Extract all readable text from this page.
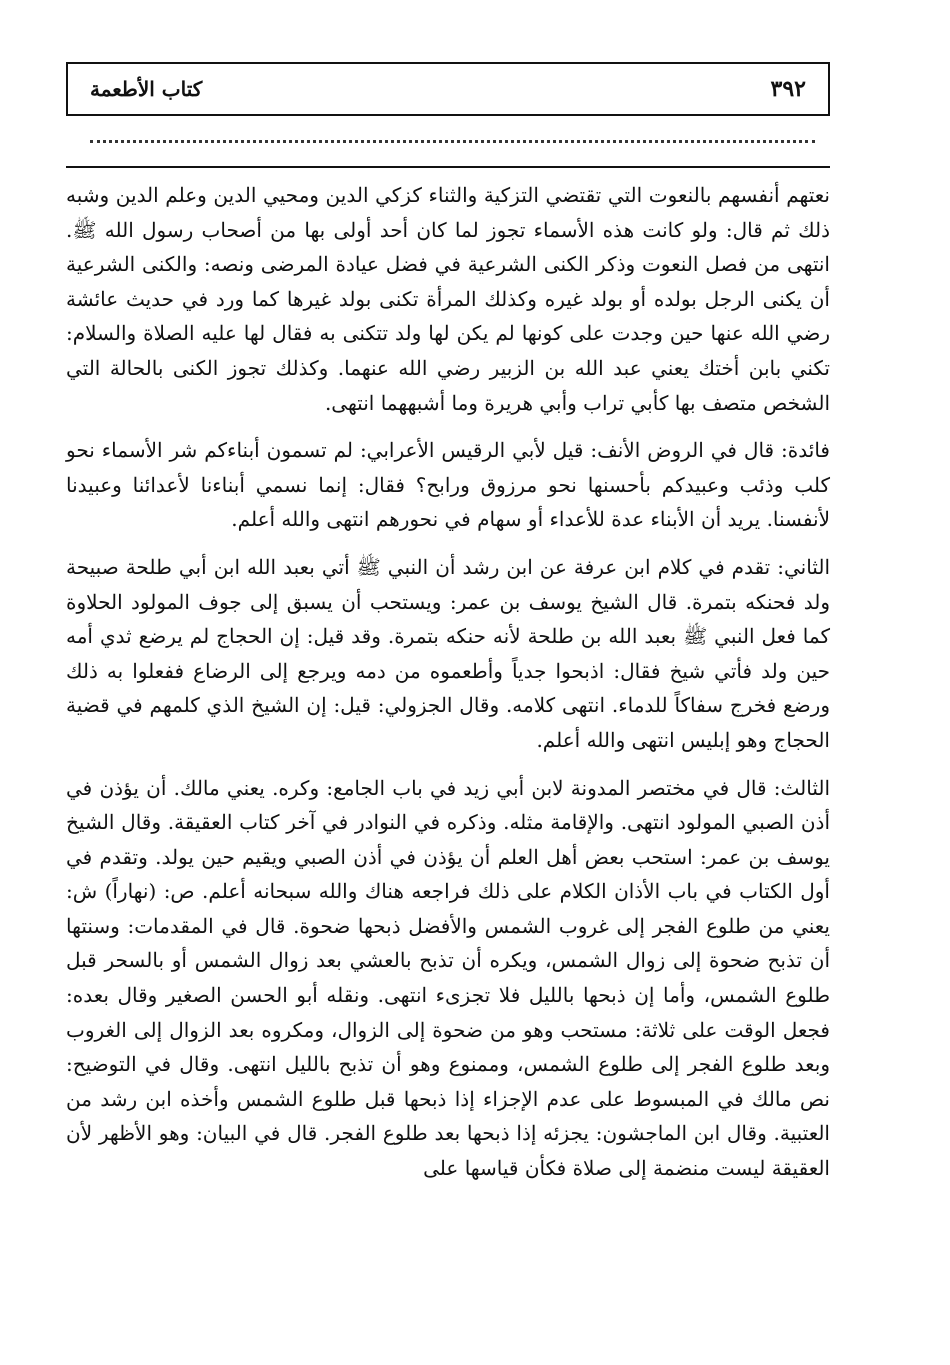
كتاب الأطعمة	٣٩٢

نعتهم أنفسهم بالنعوت التي تقتضي التزكية والثناء كزكي الدين ومحيي الدين وعلم الدين وشبه ذلك ثم قال: ولو كانت هذه الأسماء تجوز لما كان أحد أولى بها من أصحاب رسول الله ﷺ. انتهى من فصل النعوت وذكر الكنى الشرعية في فضل عيادة المرضى ونصه: والكنى الشرعية أن يكنى الرجل بولده أو بولد غيره وكذلك المرأة تكنى بولد غيرها كما ورد في حديث عائشة رضي الله عنها حين وجدت على كونها لم يكن لها ولد تتكنى به فقال لها عليه الصلاة والسلام: تكني بابن أختك يعني عبد الله بن الزبير رضي الله عنهما. وكذلك تجوز الكنى بالحالة التي الشخص متصف بها كأبي تراب وأبي هريرة وما أشبههما انتهى.

فائدة: قال في الروض الأنف: قيل لأبي الرقيس الأعرابي: لم تسمون أبناءكم شر الأسماء نحو كلب وذئب وعبيدكم بأحسنها نحو مرزوق ورابح؟ فقال: إنما نسمي أبناءنا لأعدائنا وعبيدنا لأنفسنا. يريد أن الأبناء عدة للأعداء أو سهام في نحورهم انتهى والله أعلم.

الثاني: تقدم في كلام ابن عرفة عن ابن رشد أن النبي ﷺ أتي بعبد الله ابن أبي طلحة صبيحة ولد فحنكه بتمرة. قال الشيخ يوسف بن عمر: ويستحب أن يسبق إلى جوف المولود الحلاوة كما فعل النبي ﷺ بعبد الله بن طلحة لأنه حنكه بتمرة. وقد قيل: إن الحجاج لم يرضع ثدي أمه حين ولد فأتي شيخ فقال: اذبحوا جدياً وأطعموه من دمه ويرجع إلى الرضاع ففعلوا به ذلك ورضع فخرج سفاكاً للدماء. انتهى كلامه. وقال الجزولي: قيل: إن الشيخ الذي كلمهم في قضية الحجاج وهو إبليس انتهى والله أعلم.

الثالث: قال في مختصر المدونة لابن أبي زيد في باب الجامع: وكره. يعني مالك. أن يؤذن في أذن الصبي المولود انتهى. والإقامة مثله. وذكره في النوادر في آخر كتاب العقيقة. وقال الشيخ يوسف بن عمر: استحب بعض أهل العلم أن يؤذن في أذن الصبي ويقيم حين يولد. وتقدم في أول الكتاب في باب الأذان الكلام على ذلك فراجعه هناك والله سبحانه أعلم. ص: (نهاراً) ش: يعني من طلوع الفجر إلى غروب الشمس والأفضل ذبحها ضحوة. قال في المقدمات: وسنتها أن تذبح ضحوة إلى زوال الشمس، ويكره أن تذبح بالعشي بعد زوال الشمس أو بالسحر قبل طلوع الشمس، وأما إن ذبحها بالليل فلا تجزىء انتهى. ونقله أبو الحسن الصغير وقال بعده: فجعل الوقت على ثلاثة: مستحب وهو من ضحوة إلى الزوال، ومكروه بعد الزوال إلى الغروب وبعد طلوع الفجر إلى طلوع الشمس، وممنوع وهو أن تذبح بالليل انتهى. وقال في التوضيح: نص مالك في المبسوط على عدم الإجزاء إذا ذبحها قبل طلوع الشمس وأخذه ابن رشد من العتبية. وقال ابن الماجشون: يجزئه إذا ذبحها بعد طلوع الفجر. قال في البيان: وهو الأظهر لأن العقيقة ليست منضمة إلى صلاة فكأن قياسها على
